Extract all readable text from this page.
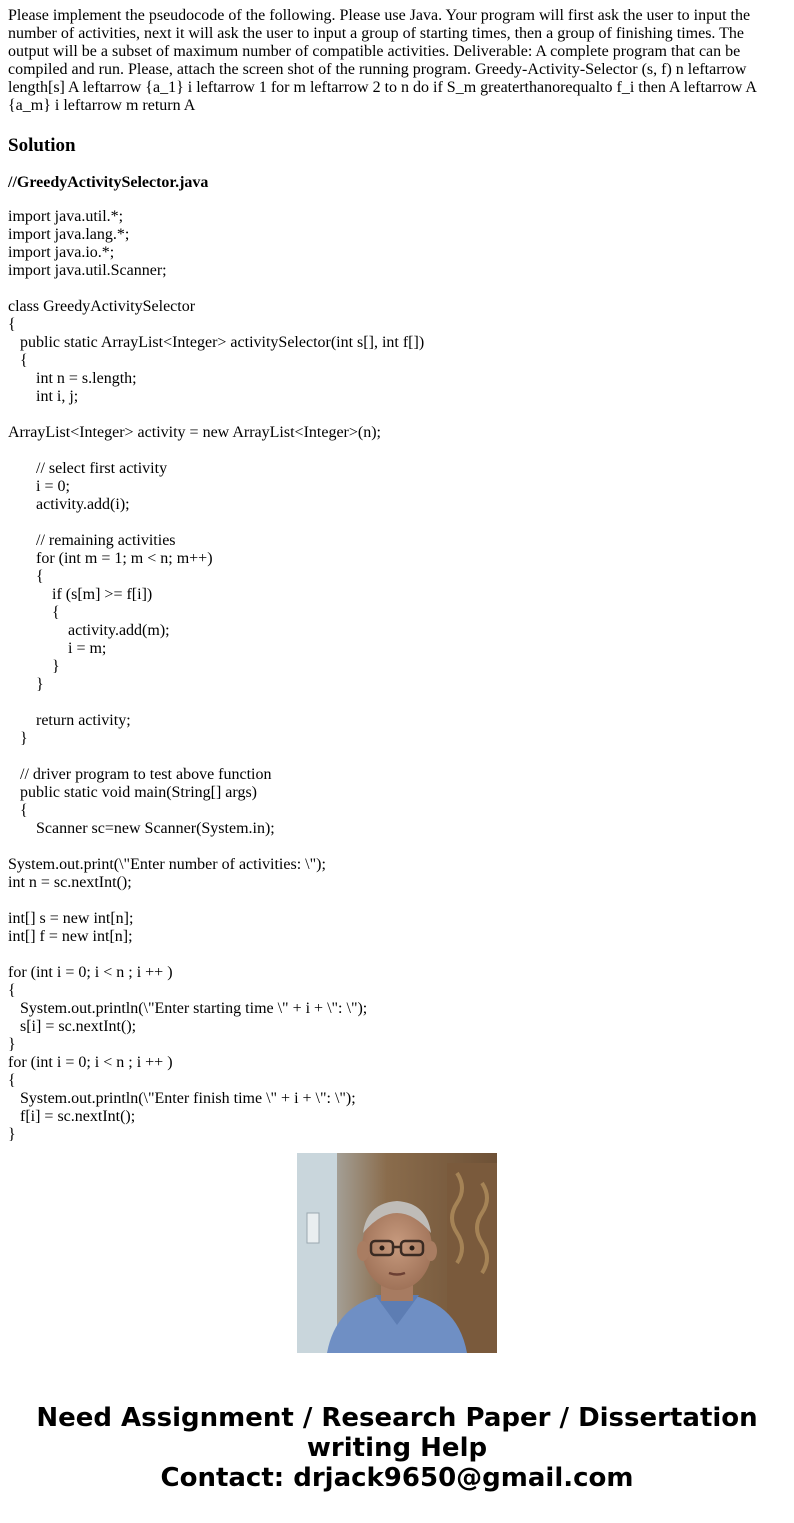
Please implement the pseudocode of the following. Please use Java. Your program will first ask the user to input the number of activities, next it will ask the user to input a group of starting times, then a group of finishing times. The output will be a subset of maximum number of compatible activities. Deliverable: A complete program that can be compiled and run. Please, attach the screen shot of the running program. Greedy-Activity-Selector (s, f) n leftarrow length[s] A leftarrow {a_1} i leftarrow 1 for m leftarrow 2 to n do if S_m greaterthanorequalto f_i then A leftarrow A {a_m} i leftarrow m return A

Solution

//GreedyActivitySelector.java

import java.util.*;
import java.lang.*;
import java.io.*;
import java.util.Scanner;
class GreedyActivitySelector
{
public static ArrayList<Integer> activitySelector(int s[], int f[])
{
int n = s.length;
int i, j;
ArrayList<Integer> activity = new ArrayList<Integer>(n);
// select first activity
i = 0;
activity.add(i);
// remaining activities
for (int m = 1; m < n; m++)
{
if (s[m] >= f[i])
{
activity.add(m);
i = m;
}
}
return activity;
}
// driver program to test above function
public static void main(String[] args)
{
Scanner sc=new Scanner(System.in);
System.out.print(\"Enter number of activities: \");
int n = sc.nextInt();
int[] s = new int[n];
int[] f = new int[n];
for (int i = 0; i < n ; i ++ )
{
System.out.println(\"Enter starting time \" + i + \": \");
s[i] = sc.nextInt();
}
for (int i = 0; i < n ; i ++ )
{
System.out.println(\"Enter finish time \" + i + \": \");
f[i] = sc.nextInt();
}
Need Assignment / Research Paper / Dissertation
writing Help
Contact: drjack9650@gmail.com
